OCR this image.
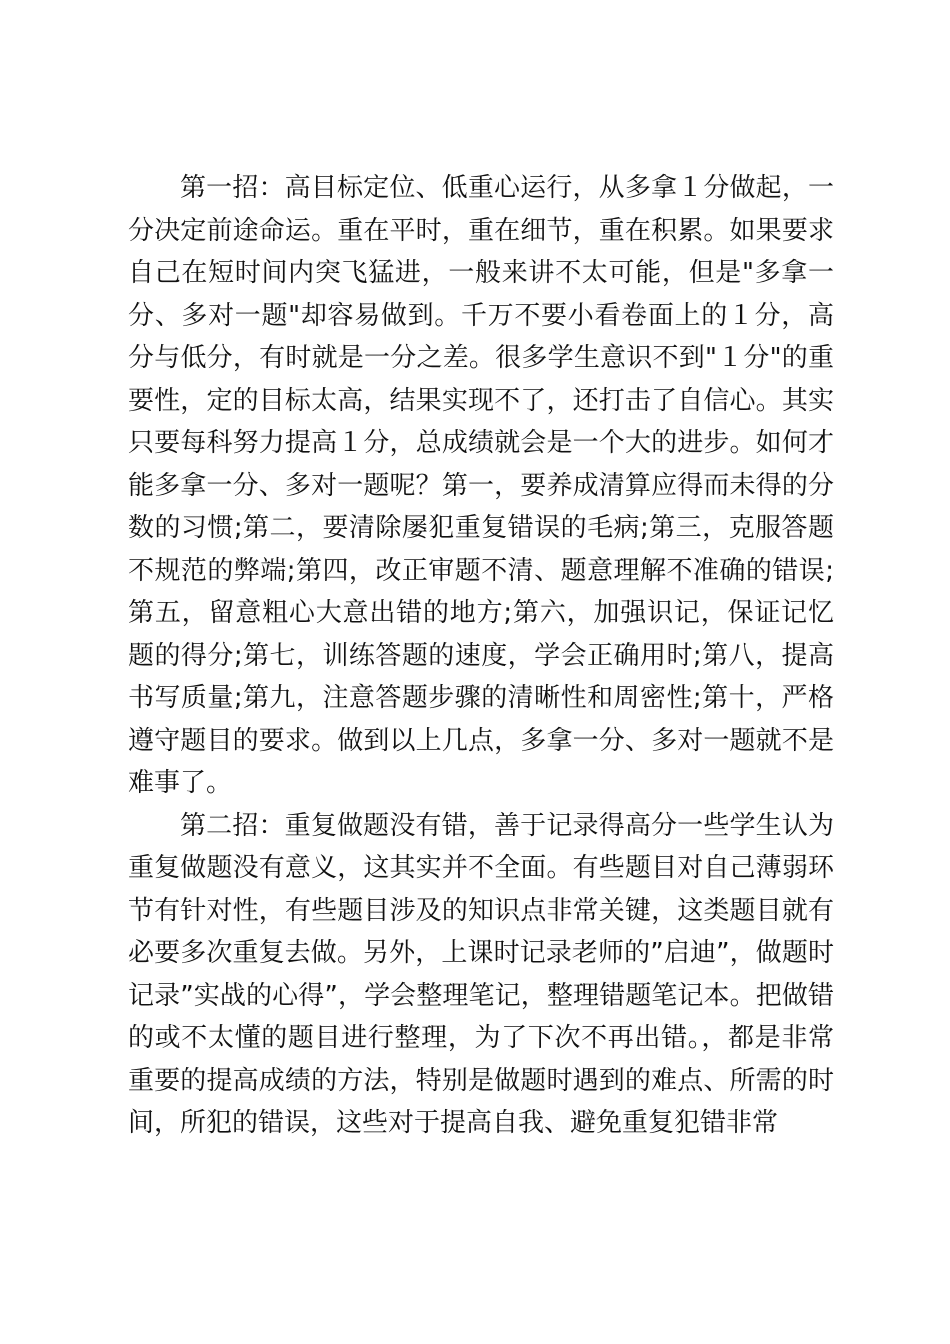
第一招：高目标定位、低重心运行，从多拿１分做起，一分决定前途命运。重在平时，重在细节，重在积累。如果要求自己在短时间内突飞猛进，一般来讲不太可能，但是"多拿一分、多对一题"却容易做到。千万不要小看卷面上的１分，高分与低分，有时就是一分之差。很多学生意识不到"１分"的重要性，定的目标太高，结果实现不了，还打击了自信心。其实只要每科努力提高１分，总成绩就会是一个大的进步。如何才能多拿一分、多对一题呢？第一，要养成清算应得而未得的分数的习惯;第二，要清除屡犯重复错误的毛病;第三，克服答题不规范的弊端;第四，改正审题不清、题意理解不准确的错误;第五，留意粗心大意出错的地方;第六，加强识记，保证记忆题的得分;第七，训练答题的速度，学会正确用时;第八，提高书写质量;第九，注意答题步骤的清晰性和周密性;第十，严格遵守题目的要求。做到以上几点，多拿一分、多对一题就不是难事了。

第二招：重复做题没有错，善于记录得高分一些学生认为重复做题没有意义，这其实并不全面。有些题目对自己薄弱环节有针对性，有些题目涉及的知识点非常关键，这类题目就有必要多次重复去做。另外，上课时记录老师的”启迪”，做题时记录”实战的心得”，学会整理笔记，整理错题笔记本。把做错的或不太懂的题目进行整理，为了下次不再出错。，都是非常重要的提高成绩的方法，特别是做题时遇到的难点、所需的时间，所犯的错误，这些对于提高自我、避免重复犯错非常
